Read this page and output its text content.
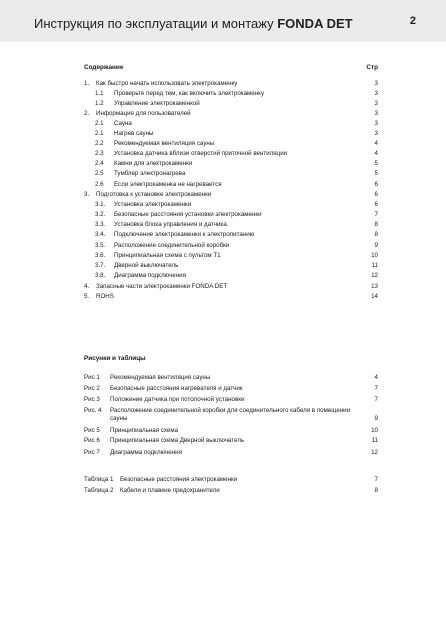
Инструкция по эксплуатации и монтажу FONDA DET	2
Содержание	Стр
1. Как быстро начать использовать электрокаменку	3
1.1 Проверьте перед тем, как включить электрокаменку	3
1.2 Управление электрокаменкой	3
2. Информация для пользователей	3
2.1 Сауна	3
2.1 Нагрев сауны	3
2.2 Рекомендуемая вентиляция сауны	4
2.3 Установка датчика вблизи отверстий приточной вентиляции	4
2.4 Камни для электрокаменки	5
2.5 Тумблер электронагрева	5
2.6 Если электрокаменка не нагревается	6
3. Подготовка к установке электрокаменки	6
3.1. Установка электрокаменки	6
3.2. Безопасные расстояния установки электрокаменки	7
3.3. Установка блока управления и датчика.	8
3.4. Подключение электрокаменки к электропитанию	8
3.5. Расположение соединительной коробки	9
3.6. Принципиальная схема с пультом Т1	10
3.7. Дверной выключатель	11
3.8. Диаграмма подключения	12
4. Запасные части электрокаменки FONDA DET	13
5. ROHS	14
Рисунки и таблицы
Рис 1 Рекомендуемая вентиляция сауны	4
Рис 2 Безопасные расстояния нагревателя и датчик	7
Рис 3 Положение датчика при потолочной установке	7
Рис. 4 Расположение соединительной коробки для соединительного кабеля в помещении сауны	9
Рис 5 Принципиальная схема	10
Рис 6 Принципиальная схема Дверной выключатель	11
Рис 7 Диаграмма подключения	12
Таблица 1 Безопасные расстояния электрокаменки	7
Таблица 2 Кабели и плавкие предохранители	8
